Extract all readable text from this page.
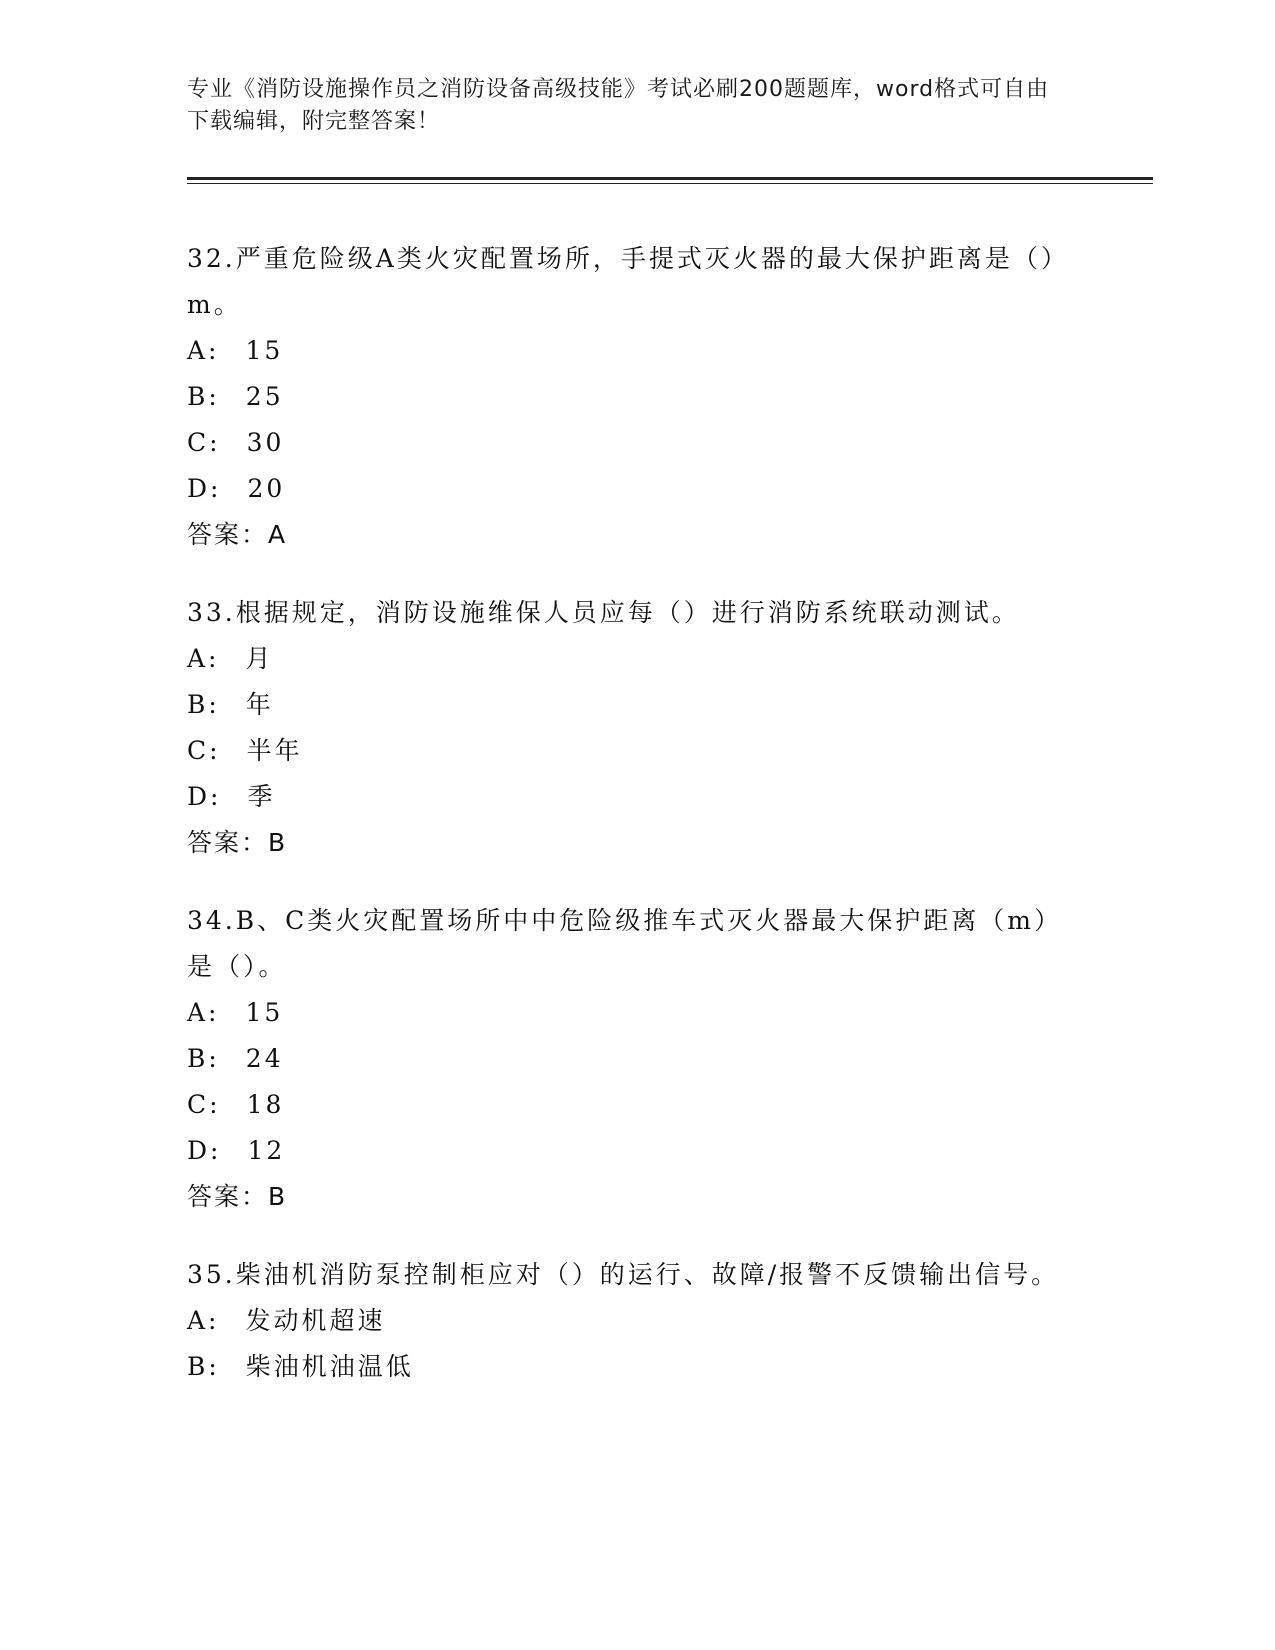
专业《消防设施操作员之消防设备高级技能》考试必刷200题题库，word格式可自由下载编辑，附完整答案！

32.严重危险级A类火灾配置场所，手提式灭火器的最大保护距离是（）m。

A: 15

B: 25

C: 30

D: 20

答案：A

33.根据规定，消防设施维保人员应每（）进行消防系统联动测试。

A: 月

B: 年

C: 半年

D: 季

答案：B

34.B、C类火灾配置场所中中危险级推车式灭火器最大保护距离（m）是（）。

A: 15

B: 24

C: 18

D: 12

答案：B

35.柴油机消防泵控制柜应对（）的运行、故障/报警不反馈输出信号。

A: 发动机超速

B: 柴油机油温低
